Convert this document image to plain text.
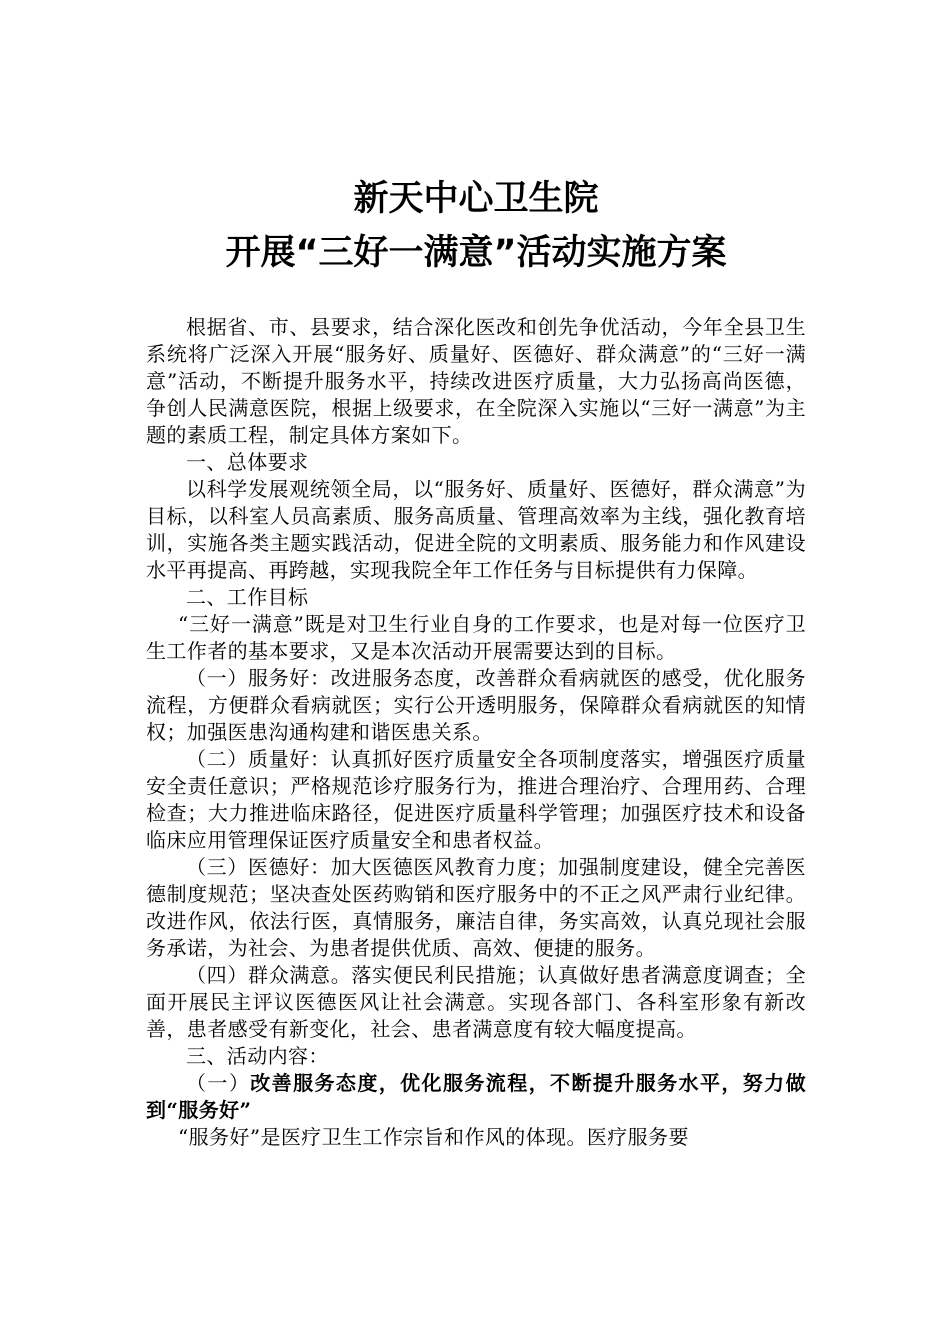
新天中心卫生院

开展“三好一满意”活动实施方案

根据省、市、县要求，结合深化医改和创先争优活动，今年全县卫生系统将广泛深入开展“服务好、质量好、医德好、群众满意”的“三好一满意”活动，不断提升服务水平，持续改进医疗质量，大力弘扬高尚医德，争创人民满意医院，根据上级要求，在全院深入实施以“三好一满意”为主题的素质工程，制定具体方案如下。

一、总体要求

以科学发展观统领全局，以“服务好、质量好、医德好，群众满意”为目标，以科室人员高素质、服务高质量、管理高效率为主线，强化教育培训，实施各类主题实践活动，促进全院的文明素质、服务能力和作风建设水平再提高、再跨越，实现我院全年工作任务与目标提供有力保障。

二、工作目标

“三好一满意”既是对卫生行业自身的工作要求，也是对每一位医疗卫生工作者的基本要求，又是本次活动开展需要达到的目标。

（一）服务好：改进服务态度，改善群众看病就医的感受，优化服务流程，方便群众看病就医；实行公开透明服务，保障群众看病就医的知情权；加强医患沟通构建和谐医患关系。

（二）质量好：认真抓好医疗质量安全各项制度落实，增强医疗质量安全责任意识；严格规范诊疗服务行为，推进合理治疗、合理用药、合理检查；大力推进临床路径，促进医疗质量科学管理；加强医疗技术和设备临床应用管理保证医疗质量安全和患者权益。

（三）医德好：加大医德医风教育力度；加强制度建设，健全完善医德制度规范；坚决查处医药购销和医疗服务中的不正之风严肃行业纪律。改进作风，依法行医，真情服务，廉洁自律，务实高效，认真兑现社会服务承诺，为社会、为患者提供优质、高效、便捷的服务。

（四）群众满意。落实便民利民措施；认真做好患者满意度调查；全面开展民主评议医德医风让社会满意。实现各部门、各科室形象有新改善，患者感受有新变化，社会、患者满意度有较大幅度提高。

三、活动内容：

（一）改善服务态度，优化服务流程，不断提升服务水平，努力做到“服务好”

“服务好”是医疗卫生工作宗旨和作风的体现。医疗服务要
